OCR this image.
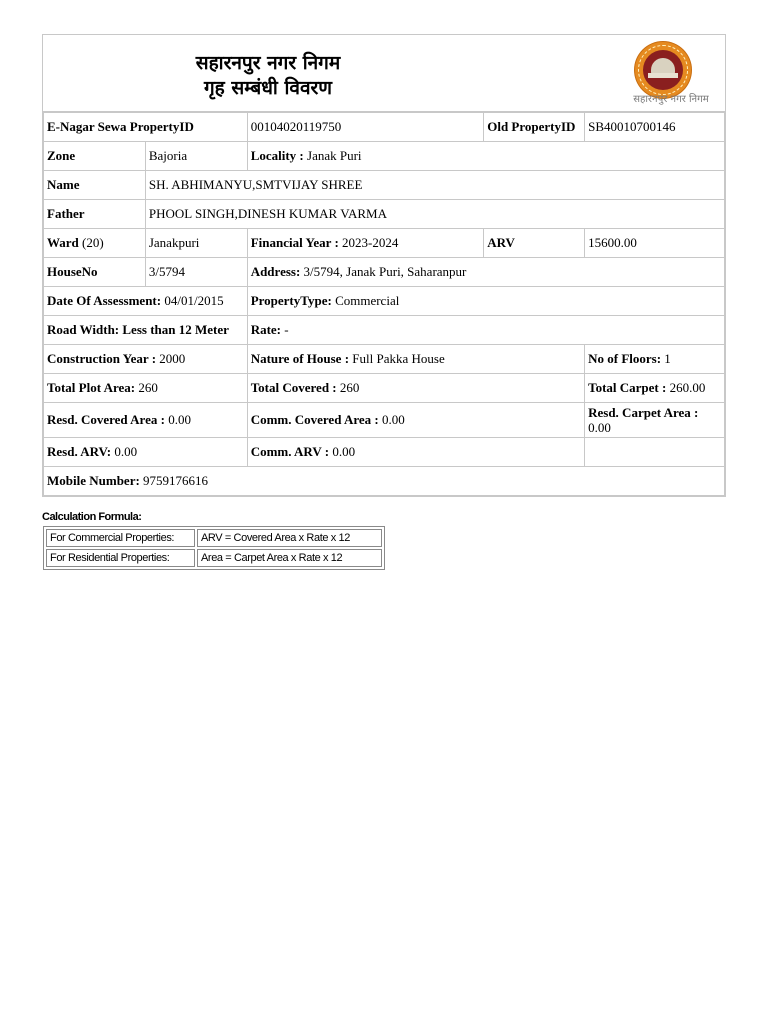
सहारनपुर नगर निगम
गृह सम्बंधी विवरण
सहारनपुर नगर निगम
E-Nagar Sewa PropertyID		00104020119750	Old PropertyID	SB40010700146
Zone	Bajoria	Locality : Janak Puri		
Name	SH. ABHIMANYU,SMTVIJAY SHREE			
Father	PHOOL SINGH,DINESH KUMAR VARMA			
Ward (20)	Janakpuri	Financial Year : 2023-2024	ARV	15600.00
HouseNo	3/5794	Address: 3/5794, Janak Puri, Saharanpur		
Date Of Assessment: 04/01/2015		PropertyType: Commercial		
Road Width: Less than 12 Meter		Rate: -		
Construction Year : 2000		Nature of House : Full Pakka House		No of Floors: 1
Total Plot Area: 260		Total Covered : 260		Total Carpet : 260.00
Resd. Covered Area : 0.00		Comm. Covered Area : 0.00		Resd. Carpet Area :
0.00
Resd. ARV: 0.00		Comm. ARV : 0.00		
Mobile Number: 9759176616				
Calculation Formula:
For Commercial Properties:	ARV = Covered Area x Rate x 12
For Residential Properties:	Area = Carpet Area x Rate x 12
